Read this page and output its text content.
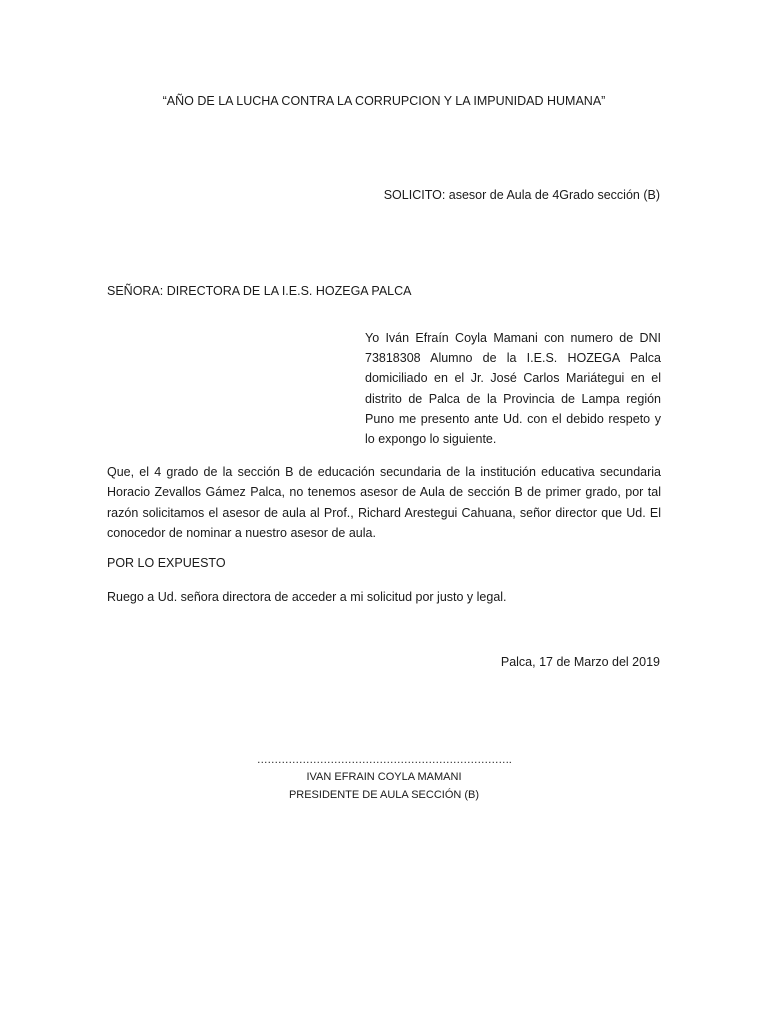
“AÑO DE LA LUCHA CONTRA LA CORRUPCION Y LA IMPUNIDAD HUMANA”
SOLICITO: asesor de Aula de 4Grado sección (B)
SEÑORA: DIRECTORA DE LA I.E.S. HOZEGA PALCA
Yo Iván Efraín Coyla Mamani con numero de DNI 73818308 Alumno de la I.E.S. HOZEGA Palca domiciliado en el Jr. José Carlos Mariátegui en el distrito de Palca de la Provincia de Lampa región Puno me presento ante Ud. con el debido respeto y lo expongo lo siguiente.
Que, el 4 grado de la sección B de educación secundaria de la institución educativa secundaria Horacio Zevallos Gámez Palca, no tenemos asesor de Aula de sección B de primer grado, por tal razón solicitamos el asesor de aula al Prof., Richard Arestegui Cahuana, señor director que Ud. El conocedor de nominar a nuestro asesor de aula.
POR LO EXPUESTO
Ruego a Ud. señora directora de acceder a mi solicitud por justo y legal.
Palca, 17 de Marzo del 2019
……………………………………………………………….
IVAN EFRAIN COYLA MAMANI
PRESIDENTE DE AULA SECCIÓN (B)
